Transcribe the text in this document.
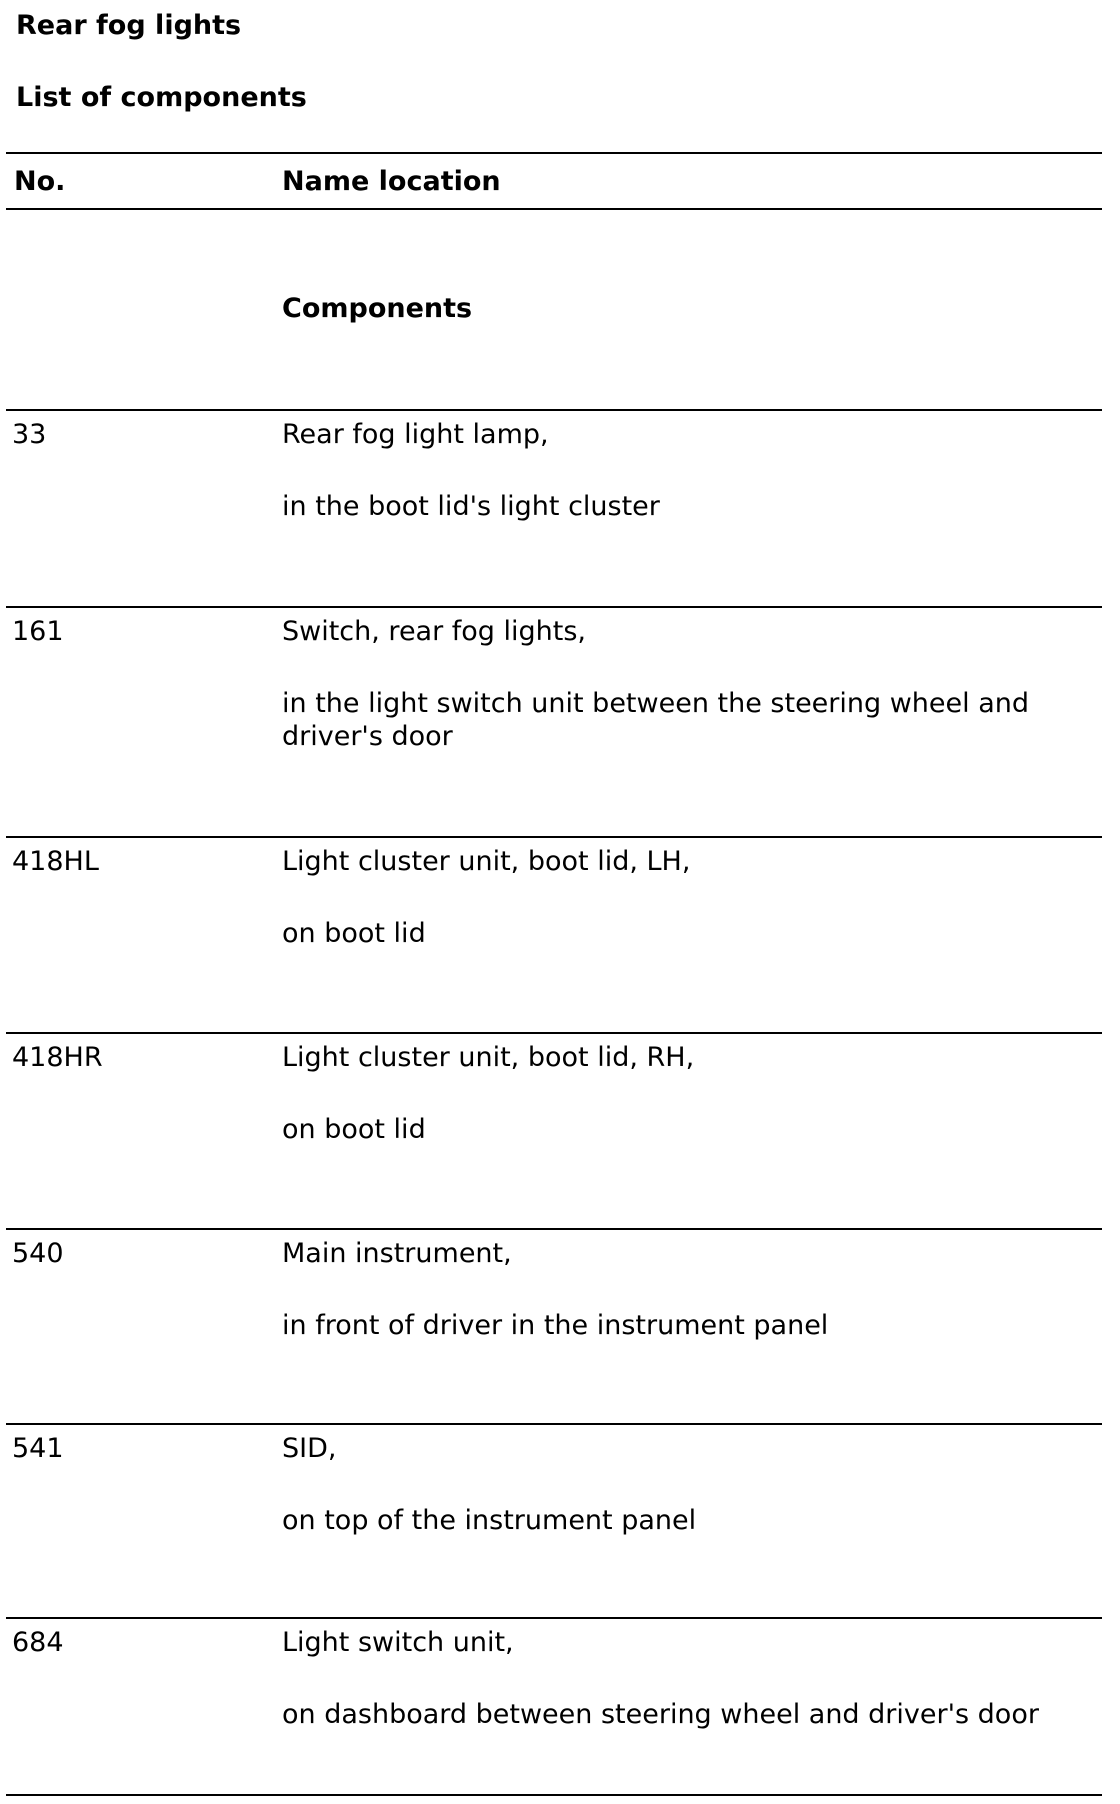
Rear fog lights
List of components
No.	Name location
Components
33	Rear fog light lamp,
in the boot lid's light cluster
161	Switch, rear fog lights,
in the light switch unit between the steering wheel and driver's door
418HL	Light cluster unit, boot lid, LH,
on boot lid
418HR	Light cluster unit, boot lid, RH,
on boot lid
540	Main instrument,
in front of driver in the instrument panel
541	SID,
on top of the instrument panel
684	Light switch unit,
on dashboard between steering wheel and driver's door
